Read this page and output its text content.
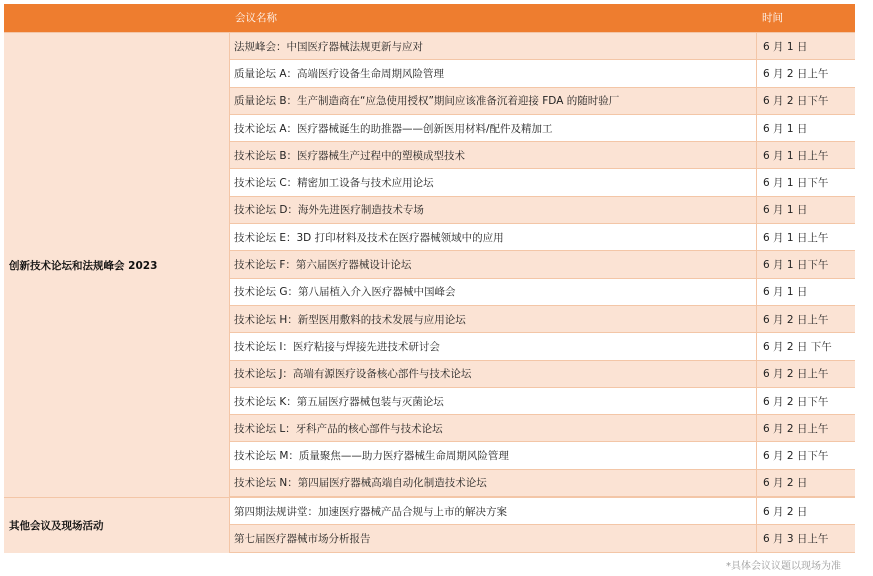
会议名称	时间
创新技术论坛和法规峰会 2023
法规峰会：中国医疗器械法规更新与应对	6 月 1 日
质量论坛 A：高端医疗设备生命周期风险管理	6 月 2 日上午
质量论坛 B：生产制造商在“应急使用授权”期间应该准备沉着迎接 FDA 的随时验厂	6 月 2 日下午
技术论坛 A：医疗器械诞生的助推器——创新医用材料/配件及精加工	6 月 1 日
技术论坛 B：医疗器械生产过程中的塑模成型技术	6 月 1 日上午
技术论坛 C：精密加工设备与技术应用论坛	6 月 1 日下午
技术论坛 D：海外先进医疗制造技术专场	6 月 1 日
技术论坛 E：3D 打印材料及技术在医疗器械领域中的应用	6 月 1 日上午
技术论坛 F：第六届医疗器械设计论坛	6 月 1 日下午
技术论坛 G：第八届植入介入医疗器械中国峰会	6 月 1 日
技术论坛 H：新型医用敷料的技术发展与应用论坛	6 月 2 日上午
技术论坛 I：医疗粘接与焊接先进技术研讨会	6 月 2 日 下午
技术论坛 J：高端有源医疗设备核心部件与技术论坛	6 月 2 日上午
技术论坛 K：第五届医疗器械包装与灭菌论坛	6 月 2 日下午
技术论坛 L：牙科产品的核心部件与技术论坛	6 月 2 日上午
技术论坛 M：质量聚焦——助力医疗器械生命周期风险管理	6 月 2 日下午
技术论坛 N：第四届医疗器械高端自动化制造技术论坛	6 月 2 日
其他会议及现场活动
第四期法规讲堂：加速医疗器械产品合规与上市的解决方案	6 月 2 日
第七届医疗器械市场分析报告	6 月 3 日上午
*具体会议议题以现场为准
